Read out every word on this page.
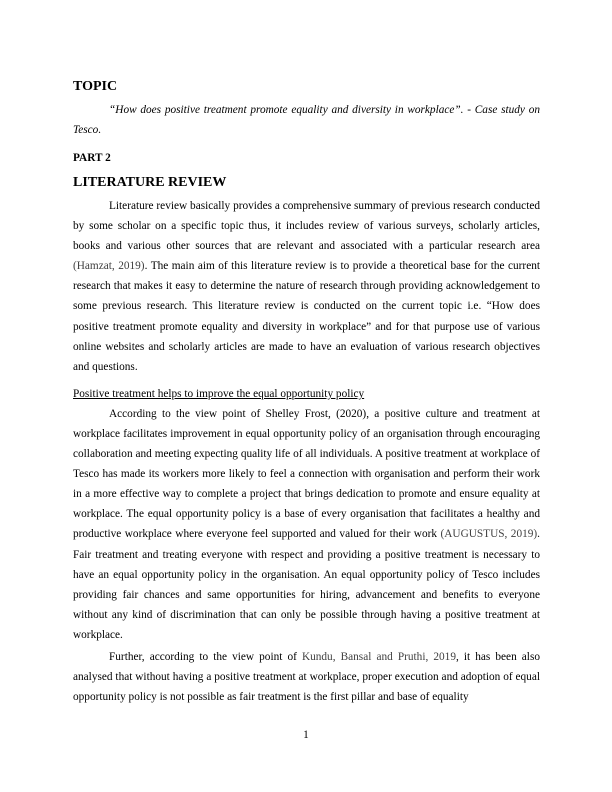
TOPIC

“How does positive treatment promote equality and diversity in workplace”. - Case study on Tesco.

PART 2
LITERATURE REVIEW

Literature review basically provides a comprehensive summary of previous research conducted by some scholar on a specific topic thus, it includes review of various surveys, scholarly articles, books and various other sources that are relevant and associated with a particular research area (Hamzat, 2019). The main aim of this literature review is to provide a theoretical base for the current research that makes it easy to determine the nature of research through providing acknowledgement to some previous research. This literature review is conducted on the current topic i.e. “How does positive treatment promote equality and diversity in workplace” and for that purpose use of various online websites and scholarly articles are made to have an evaluation of various research objectives and questions.

Positive treatment helps to improve the equal opportunity policy

According to the view point of Shelley Frost, (2020), a positive culture and treatment at workplace facilitates improvement in equal opportunity policy of an organisation through encouraging collaboration and meeting expecting quality life of all individuals. A positive treatment at workplace of Tesco has made its workers more likely to feel a connection with organisation and perform their work in a more effective way to complete a project that brings dedication to promote and ensure equality at workplace. The equal opportunity policy is a base of every organisation that facilitates a healthy and productive workplace where everyone feel supported and valued for their work (AUGUSTUS, 2019). Fair treatment and treating everyone with respect and providing a positive treatment is necessary to have an equal opportunity policy in the organisation. An equal opportunity policy of Tesco includes providing fair chances and same opportunities for hiring, advancement and benefits to everyone without any kind of discrimination that can only be possible through having a positive treatment at workplace.

Further, according to the view point of Kundu, Bansal and Pruthi, 2019, it has been also analysed that without having a positive treatment at workplace, proper execution and adoption of equal opportunity policy is not possible as fair treatment is the first pillar and base of equality

1
